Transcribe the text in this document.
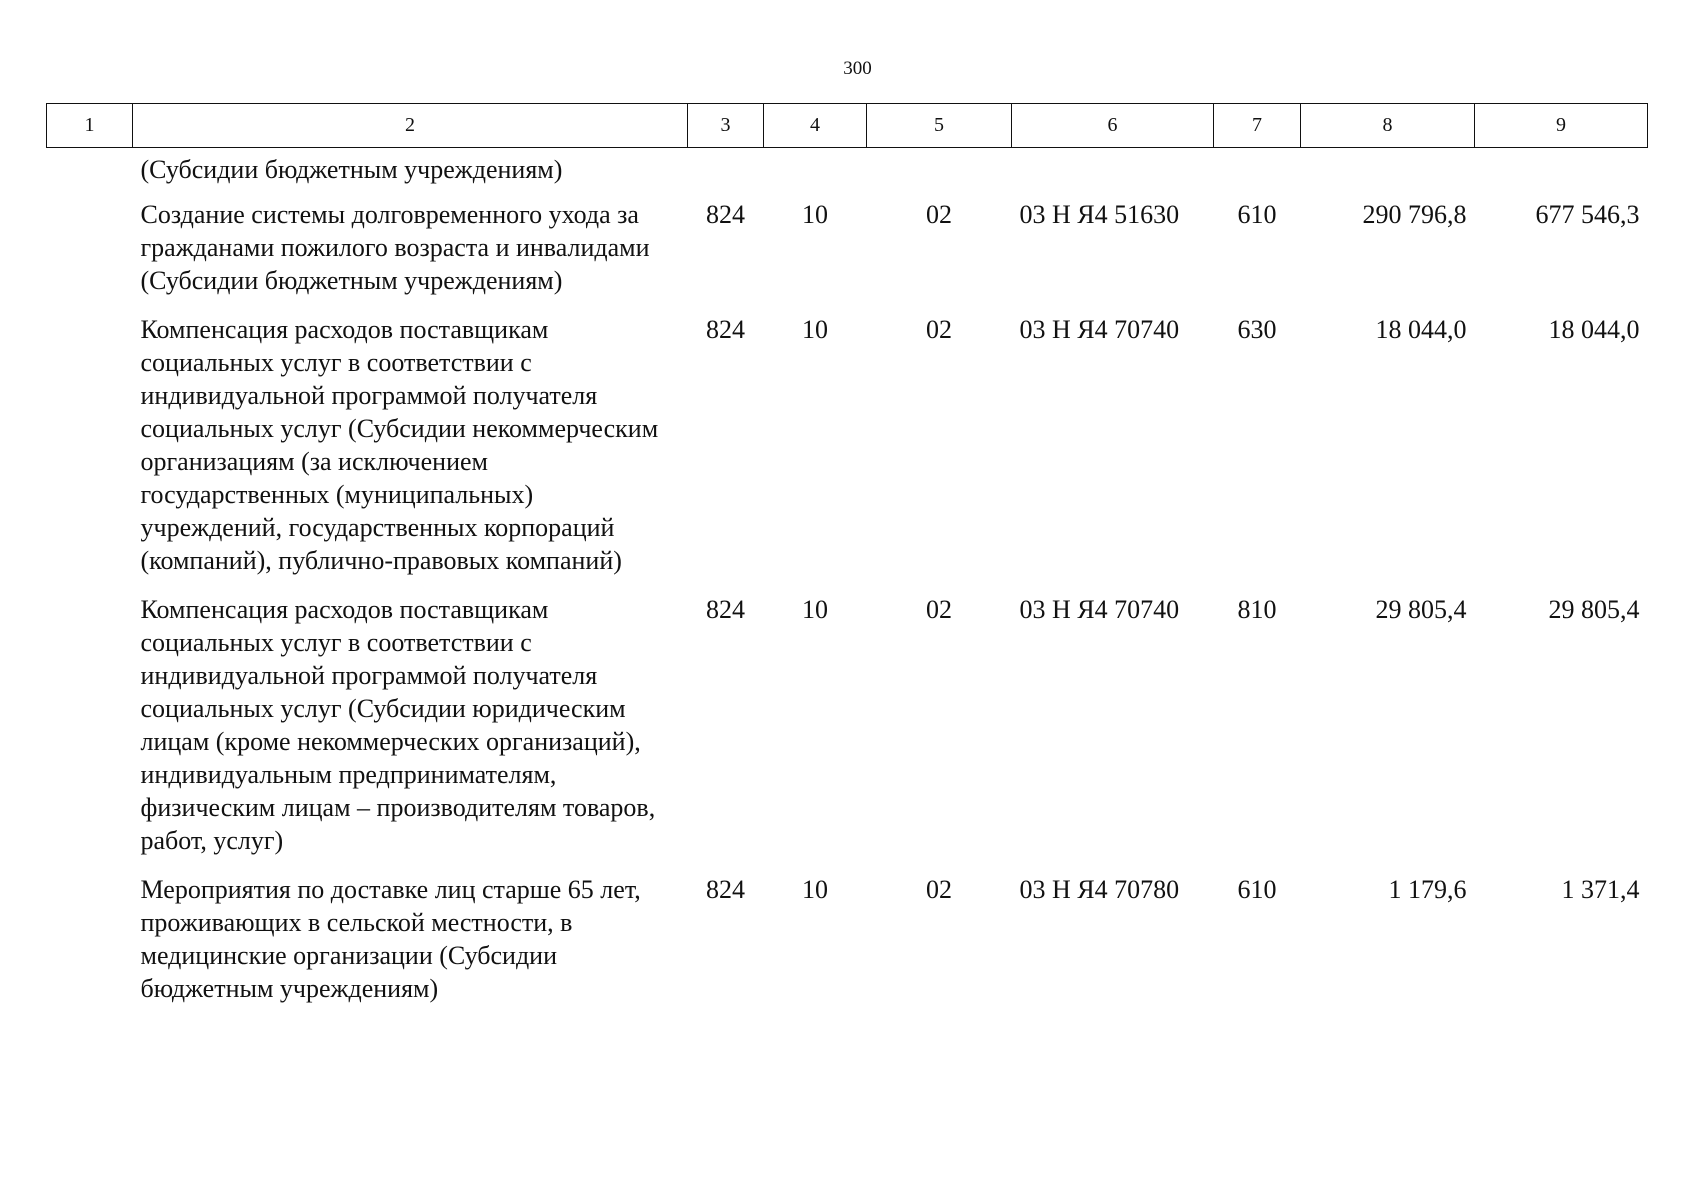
300
1	2	3	4	5	6	7	8	9
	(Субсидии бюджетным учреждениям)							
	Создание системы долговременного ухода за гражданами пожилого возраста и инвалидами (Субсидии бюджетным учреждениям)	824	10	02	03 Н Я4 51630	610	290 796,8	677 546,3
	Компенсация расходов поставщикам социальных услуг в соответствии с индивидуальной программой получателя социальных услуг (Субсидии некоммерческим организациям (за исключением государственных (муниципальных) учреждений, государственных корпораций (компаний), публично-правовых компаний)	824	10	02	03 Н Я4 70740	630	18 044,0	18 044,0
	Компенсация расходов поставщикам социальных услуг в соответствии с индивидуальной программой получателя социальных услуг (Субсидии юридическим лицам (кроме некоммерческих организаций), индивидуальным предпринимателям, физическим лицам – производителям товаров, работ, услуг)	824	10	02	03 Н Я4 70740	810	29 805,4	29 805,4
	Мероприятия по доставке лиц старше 65 лет, проживающих в сельской местности, в медицинские организации (Субсидии бюджетным учреждениям)	824	10	02	03 Н Я4 70780	610	1 179,6	1 371,4
